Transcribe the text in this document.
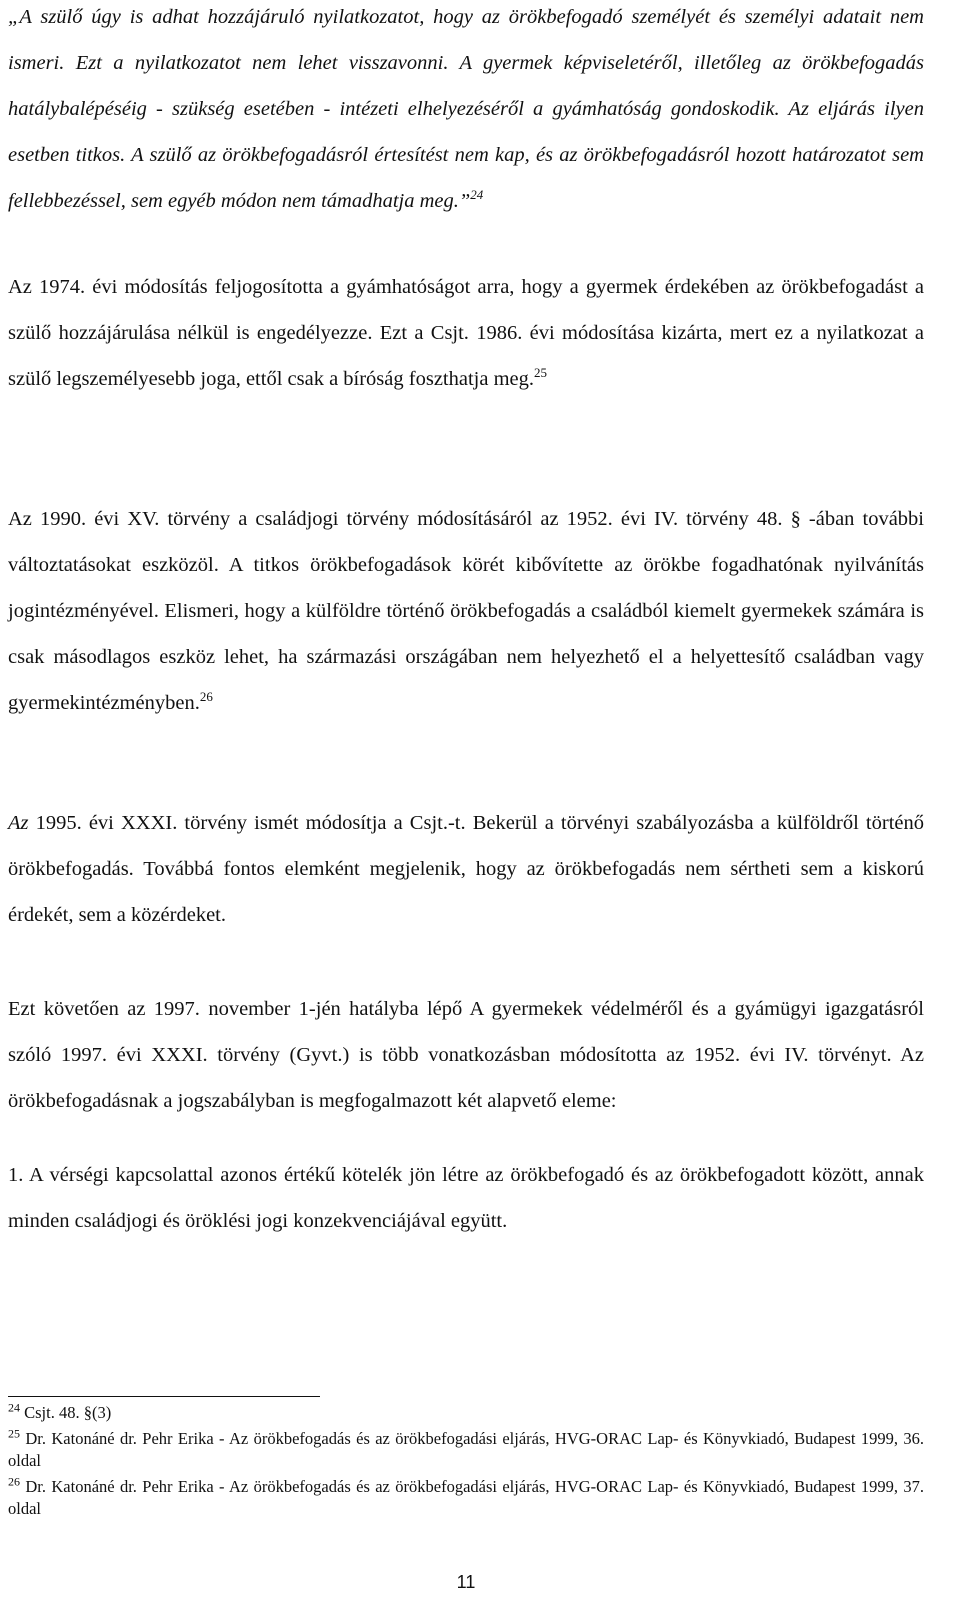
„A szülő úgy is adhat hozzájáruló nyilatkozatot, hogy az örökbefogadó személyét és személyi adatait nem ismeri. Ezt a nyilatkozatot nem lehet visszavonni. A gyermek képviseletéről, illetőleg az örökbefogadás hatálybalépéséig - szükség esetében - intézeti elhelyezéséről a gyámhatóság gondoskodik. Az eljárás ilyen esetben titkos. A szülő az örökbefogadásról értesítést nem kap, és az örökbefogadásról hozott határozatot sem fellebbezéssel, sem egyéb módon nem támadhatja meg.”$^{24}$

Az 1974. évi módosítás feljogosította a gyámhatóságot arra, hogy a gyermek érdekében az örökbefogadást a szülő hozzájárulása nélkül is engedélyezze. Ezt a Csjt. 1986. évi módosítása kizárta, mert ez a nyilatkozat a szülő legszemélyesebb joga, ettől csak a bíróság foszthatja meg.$^{25}$

Az 1990. évi XV. törvény a családjogi törvény módosításáról az 1952. évi IV. törvény 48. § -ában további változtatásokat eszközöl. A titkos örökbefogadások körét kibővítette az örökbe fogadhatónak nyilvánítás jogintézményével. Elismeri, hogy a külföldre történő örökbefogadás a családból kiemelt gyermekek számára is csak másodlagos eszköz lehet, ha származási országában nem helyezhető el a helyettesítő családban vagy gyermekintézményben.$^{26}$

Az 1995. évi XXXI. törvény ismét módosítja a Csjt.-t. Bekerül a törvényi szabályozásba a külföldről történő örökbefogadás. Továbbá fontos elemként megjelenik, hogy az örökbefogadás nem sértheti sem a kiskorú érdekét, sem a közérdeket.

Ezt követően az 1997. november 1-jén hatályba lépő A gyermekek védelméről és a gyámügyi igazgatásról szóló 1997. évi XXXI. törvény (Gyvt.) is több vonatkozásban módosította az 1952. évi IV. törvényt. Az örökbefogadásnak a jogszabályban is megfogalmazott két alapvető eleme:

1. A vérségi kapcsolattal azonos értékű kötelék jön létre az örökbefogadó és az örökbefogadott között, annak minden családjogi és öröklési jogi konzekvenciájával együtt.

$^{24}$ Csjt. 48. §(3)

$^{25}$ Dr. Katonáné dr. Pehr Erika - Az örökbefogadás és az örökbefogadási eljárás, HVG-ORAC Lap- és Könyvkiadó, Budapest 1999, 36. oldal

$^{26}$ Dr. Katonáné dr. Pehr Erika - Az örökbefogadás és az örökbefogadási eljárás, HVG-ORAC Lap- és Könyvkiadó, Budapest 1999, 37. oldal

11
